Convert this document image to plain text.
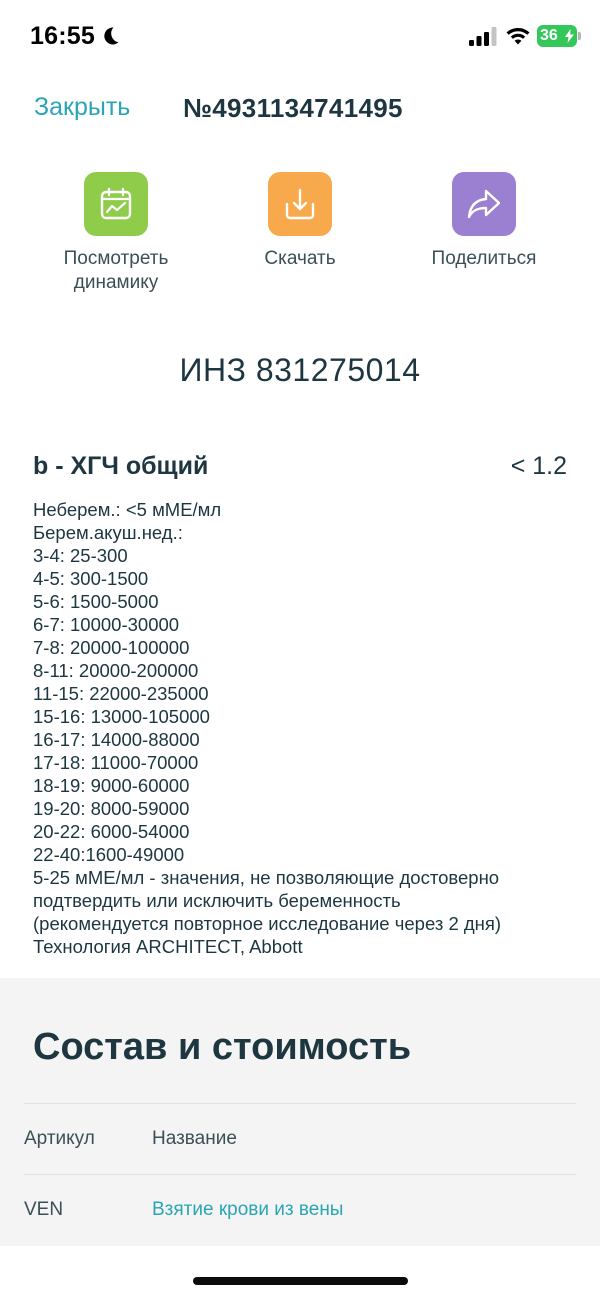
16:55	36
Закрыть №4931134741495
Посмотреть
динамику
Скачать	Поделиться
ИНЗ 831275014
b - ХГЧ общий	< 1.2
Неберем.: <5 мМЕ/мл
Берем.акуш.нед.:
3-4: 25-300
4-5: 300-1500
5-6: 1500-5000
6-7: 10000-30000
7-8: 20000-100000
8-11: 20000-200000
11-15: 22000-235000
15-16: 13000-105000
16-17: 14000-88000
17-18: 11000-70000
18-19: 9000-60000
19-20: 8000-59000
20-22: 6000-54000
22-40:1600-49000
5-25 мМЕ/мл - значения, не позволяющие достоверно
подтвердить или исключить беременность
(рекомендуется повторное исследование через 2 дня)
Технология ARCHITECT, Abbott
Состав и стоимость
Артикул	Название
VEN	Взятие крови из вены
